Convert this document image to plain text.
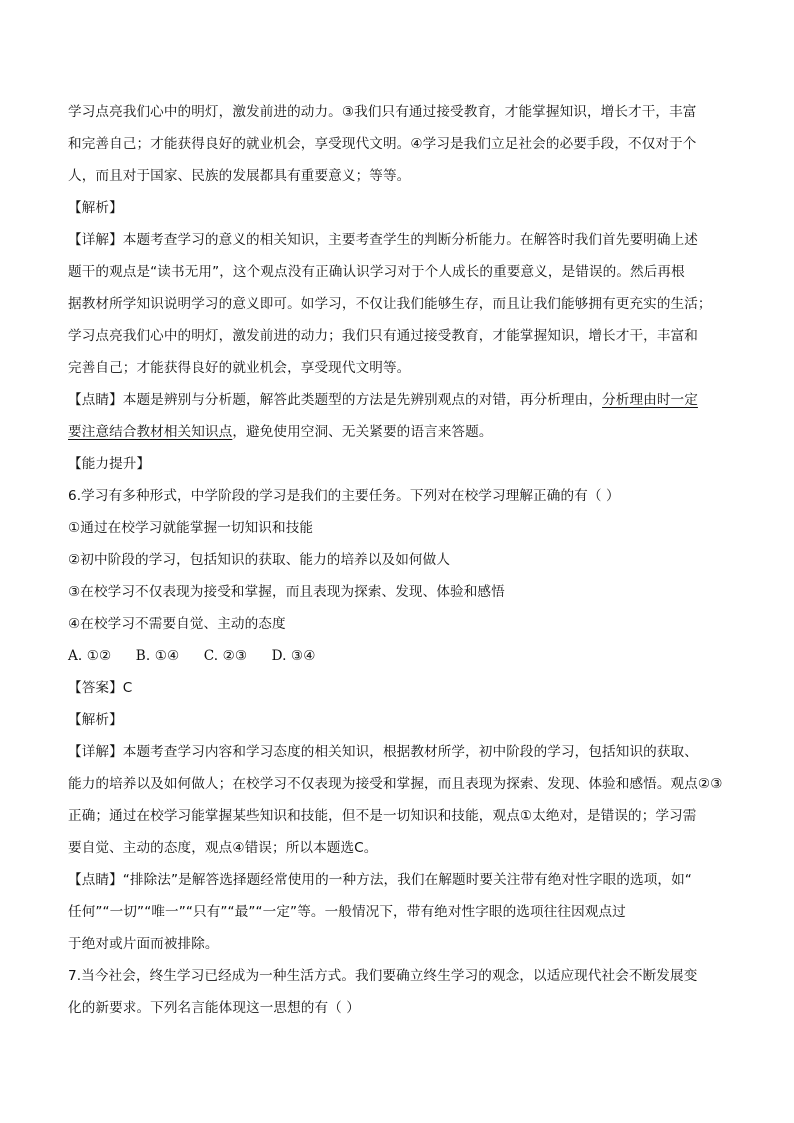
学习点亮我们心中的明灯，激发前进的动力。③我们只有通过接受教育，才能掌握知识，增长才干，丰富

和完善自己；才能获得良好的就业机会，享受现代文明。④学习是我们立足社会的必要手段，不仅对于个

人，而且对于国家、民族的发展都具有重要意义；等等。

【解析】

【详解】本题考查学习的意义的相关知识，主要考查学生的判断分析能力。在解答时我们首先要明确上述

题干的观点是“读书无用”，这个观点没有正确认识学习对于个人成长的重要意义，是错误的。然后再根

据教材所学知识说明学习的意义即可。如学习，不仅让我们能够生存，而且让我们能够拥有更充实的生活；

学习点亮我们心中的明灯，激发前进的动力；我们只有通过接受教育，才能掌握知识，增长才干，丰富和

完善自己；才能获得良好的就业机会，享受现代文明等。

【点睛】本题是辨别与分析题，解答此类题型的方法是先辨别观点的对错，再分析理由，分析理由时一定

要注意结合教材相关知识点，避免使用空洞、无关紧要的语言来答题。

【能力提升】

6.学习有多种形式，中学阶段的学习是我们的主要任务。下列对在校学习理解正确的有（ ）

①通过在校学习就能掌握一切知识和技能

②初中阶段的学习，包括知识的获取、能力的培养以及如何做人

③在校学习不仅表现为接受和掌握，而且表现为探索、发现、体验和感悟

④在校学习不需要自觉、主动的态度

A. ①② B. ①④ C. ②③ D. ③④

【答案】C

【解析】

【详解】本题考查学习内容和学习态度的相关知识，根据教材所学，初中阶段的学习，包括知识的获取、

能力的培养以及如何做人；在校学习不仅表现为接受和掌握，而且表现为探索、发现、体验和感悟。观点②③

正确；通过在校学习能掌握某些知识和技能，但不是一切知识和技能，观点①太绝对，是错误的；学习需

要自觉、主动的态度，观点④错误；所以本题选C。

【点睛】“排除法”是解答选择题经常使用的一种方法，我们在解题时要关注带有绝对性字眼的选项，如“

任何”“一切”“唯一”“只有”“最”“一定”等。一般情况下，带有绝对性字眼的选项往往因观点过

于绝对或片面而被排除。

7.当今社会，终生学习已经成为一种生活方式。我们要确立终生学习的观念，以适应现代社会不断发展变

化的新要求。下列名言能体现这一思想的有（ ）
